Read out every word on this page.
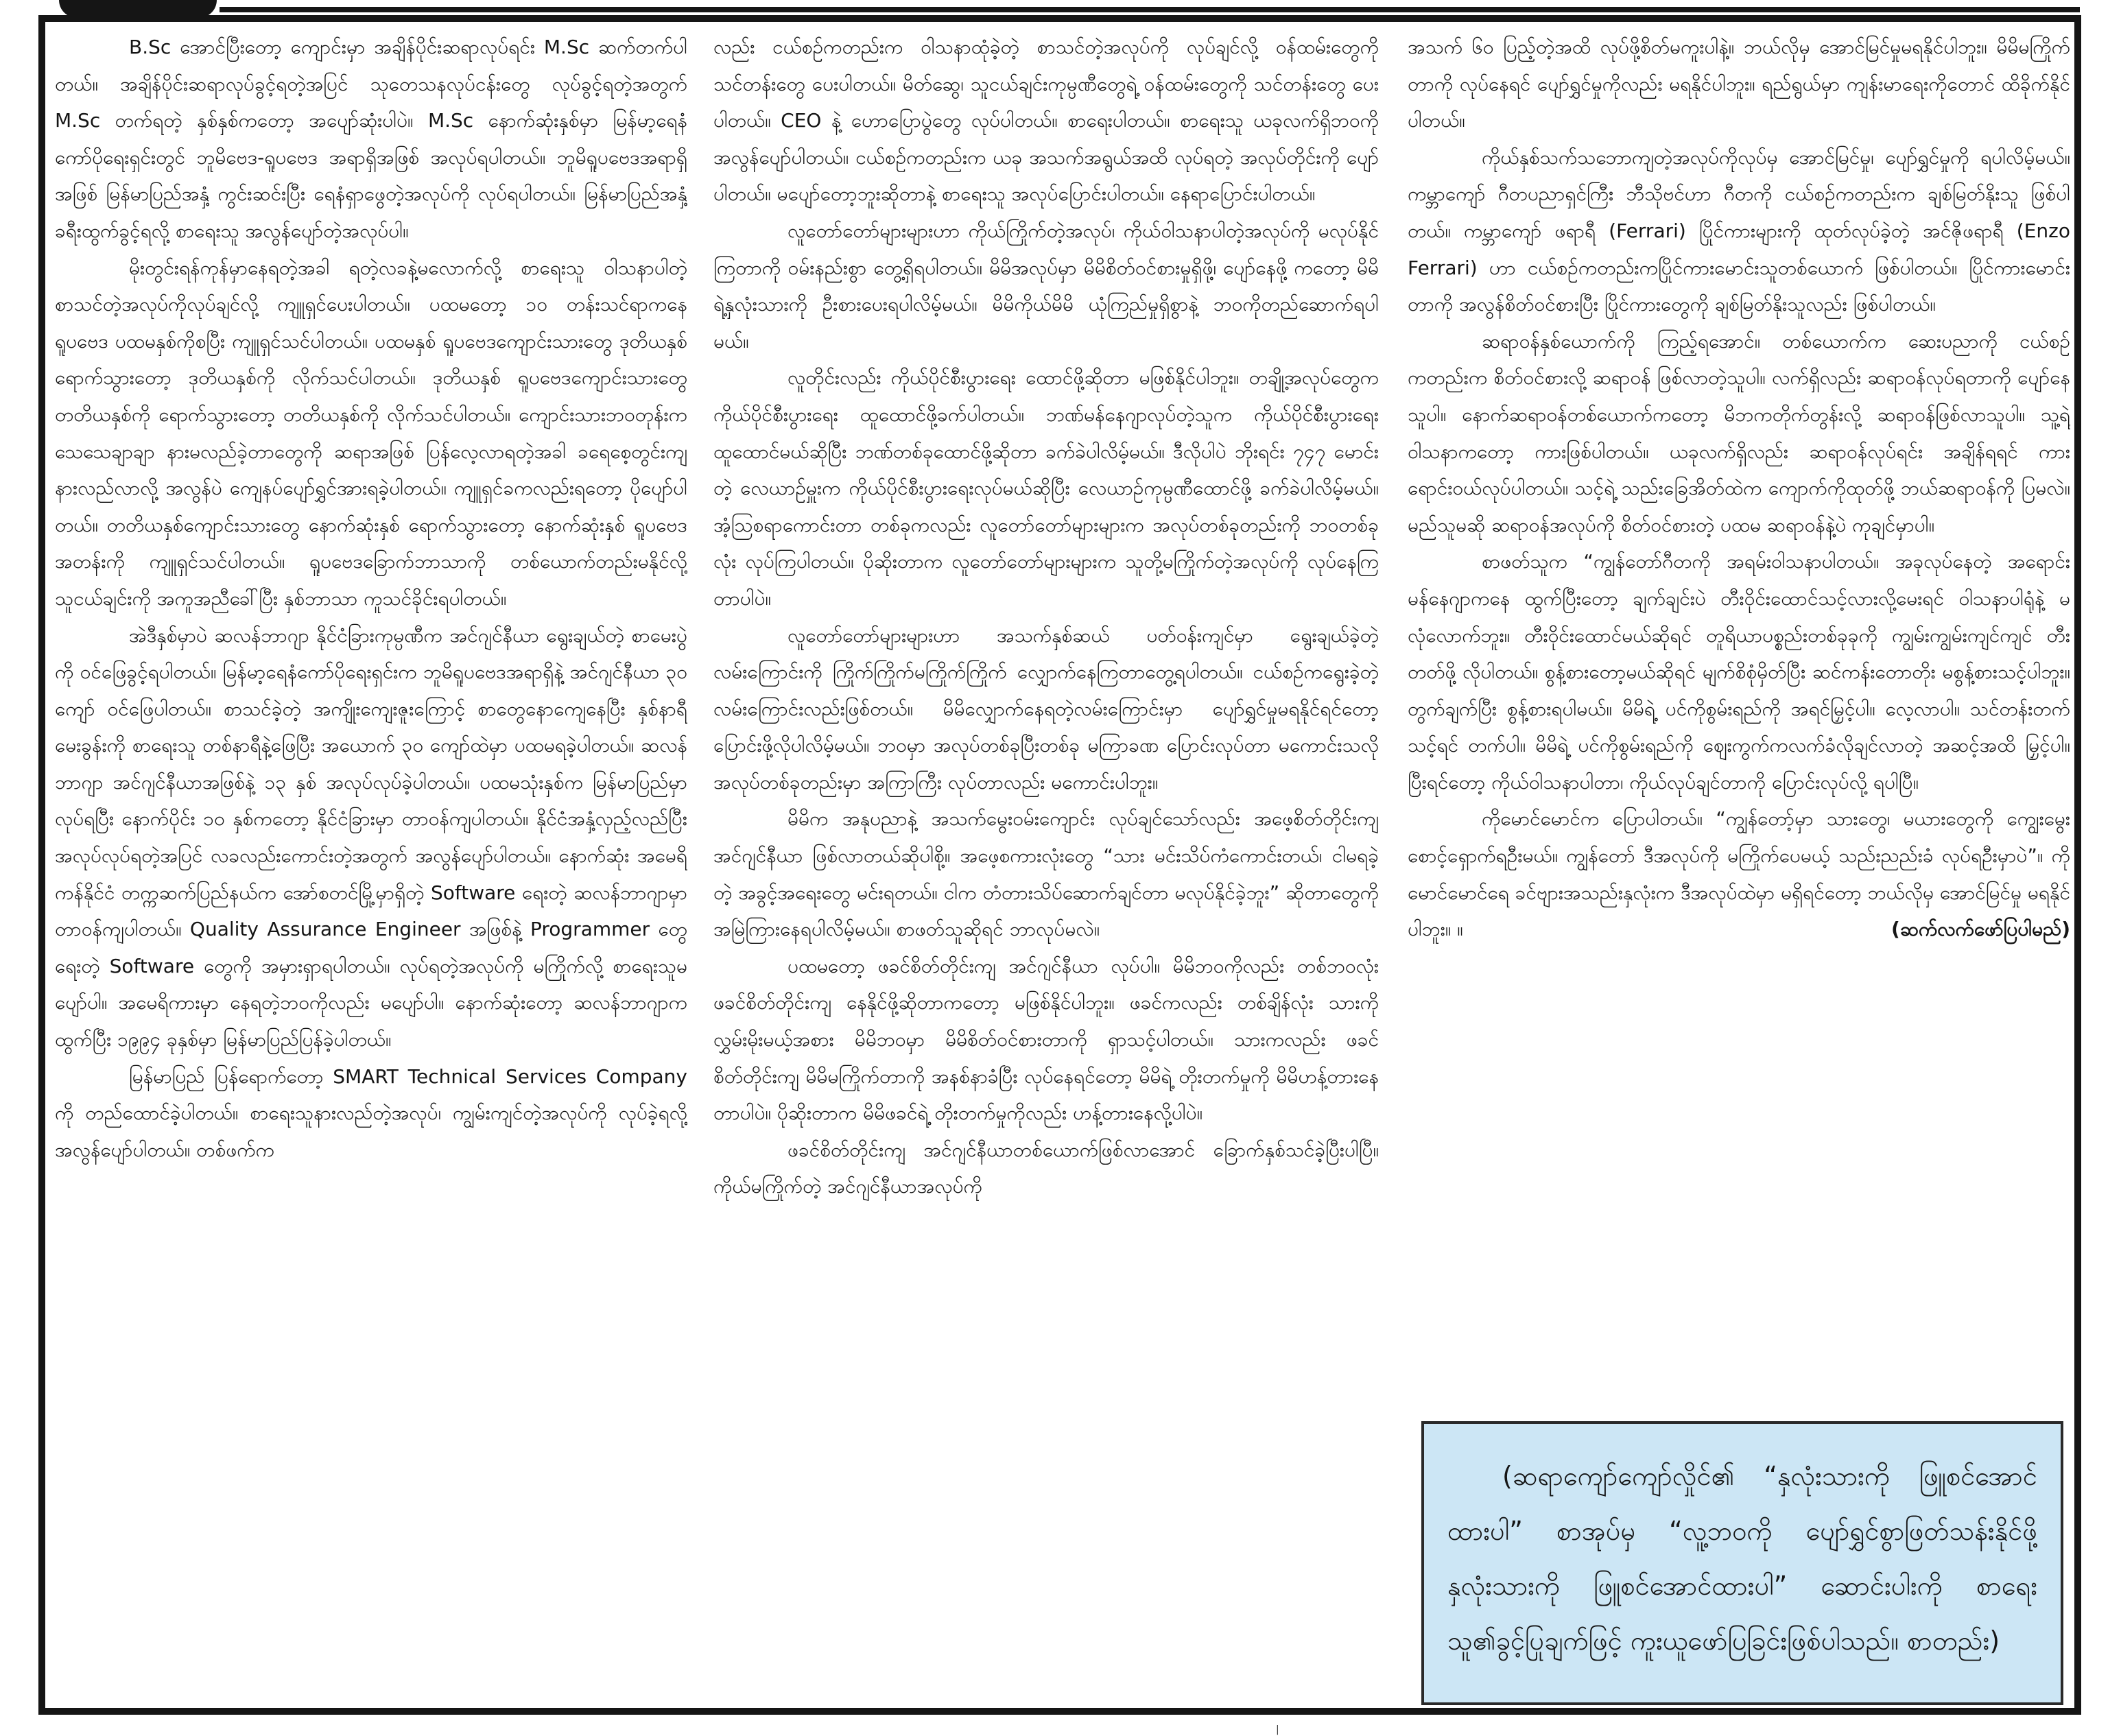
B.Sc အောင်ပြီးတော့ ကျောင်းမှာ အချိန်ပိုင်းဆရာလုပ်ရင်း M.Sc ဆက်တက်ပါတယ်။ အချိန်ပိုင်းဆရာလုပ်ခွင့်ရတဲ့အပြင် သုတေသနလုပ်ငန်းတွေ လုပ်ခွင့်ရတဲ့အတွက် M.Sc တက်ရတဲ့ နှစ်နှစ်ကတော့ အပျော်ဆုံးပါပဲ။ M.Sc နောက်ဆုံးနှစ်မှာ မြန်မာ့ရေနံကော်ပိုရေးရှင်းတွင် ဘူမိဗေဒ-ရူပဗေဒ အရာရှိအဖြစ် အလုပ်ရပါတယ်။ ဘူမိရူပဗေဒအရာရှိအဖြစ် မြန်မာပြည်အနှံ့ ကွင်းဆင်းပြီး ရေနံရှာဖွေတဲ့အလုပ်ကို လုပ်ရပါတယ်။ မြန်မာပြည်အနှံ့ ခရီးထွက်ခွင့်ရလို့ စာရေးသူ အလွန်ပျော်တဲ့အလုပ်ပါ။

မိုးတွင်းရန်ကုန်မှာနေရတဲ့အခါ ရတဲ့လခနဲ့မလောက်လို့ စာရေးသူ ဝါသနာပါတဲ့ စာသင်တဲ့အလုပ်ကိုလုပ်ချင်လို့ ကျူရှင်ပေးပါတယ်။ ပထမတော့ ၁၀ တန်းသင်ရာကနေ ရူပဗေဒ ပထမနှစ်ကိုစပြီး ကျူရှင်သင်ပါတယ်။ ပထမနှစ် ရူပဗေဒကျောင်းသားတွေ ဒုတိယနှစ်ရောက်သွားတော့ ဒုတိယနှစ်ကို လိုက်သင်ပါတယ်။ ဒုတိယနှစ် ရူပဗေဒကျောင်းသားတွေ တတိယနှစ်ကို ရောက်သွားတော့ တတိယနှစ်ကို လိုက်သင်ပါတယ်။ ကျောင်းသားဘဝတုန်းက သေသေချာချာ နားမလည်ခဲ့တာတွေကို ဆရာအဖြစ် ပြန်လေ့လာရတဲ့အခါ ခရေစေ့တွင်းကျ နားလည်လာလို့ အလွန်ပဲ ကျေနပ်ပျော်ရွှင်အားရခဲ့ပါတယ်။ ကျူရှင်ခကလည်းရတော့ ပိုပျော်ပါတယ်။ တတိယနှစ်ကျောင်းသားတွေ နောက်ဆုံးနှစ် ရောက်သွားတော့ နောက်ဆုံးနှစ် ရူပဗေဒအတန်းကို ကျူရှင်သင်ပါတယ်။ ရူပဗေဒခြောက်ဘာသာကို တစ်ယောက်တည်းမနိုင်လို့ သူငယ်ချင်းကို အကူအညီခေါ်ပြီး နှစ်ဘာသာ ကူသင်ခိုင်းရပါတယ်။

အဲဒီနှစ်မှာပဲ ဆလန်ဘာဂျာ နိုင်ငံခြားကုမ္ပဏီက အင်ဂျင်နီယာ ရွေးချယ်တဲ့ စာမေးပွဲကို ဝင်ဖြေခွင့်ရပါတယ်။ မြန်မာ့ရေနံကော်ပိုရေးရှင်းက ဘူမိရူပဗေဒအရာရှိနဲ့ အင်ဂျင်နီယာ ၃၀ ကျော် ဝင်ဖြေပါတယ်။ စာသင်ခဲ့တဲ့ အကျိုးကျေးဇူးကြောင့် စာတွေနောကျေနေပြီး နှစ်နာရီမေးခွန်းကို စာရေးသူ တစ်နာရီနဲ့ဖြေပြီး အယောက် ၃၀ ကျော်ထဲမှာ ပထမရခဲ့ပါတယ်။ ဆလန်ဘာဂျာ အင်ဂျင်နီယာအဖြစ်နဲ့ ၁၃ နှစ် အလုပ်လုပ်ခဲ့ပါတယ်။ ပထမသုံးနှစ်က မြန်မာပြည်မှာ လုပ်ရပြီး နောက်ပိုင်း ၁၀ နှစ်ကတော့ နိုင်ငံခြားမှာ တာဝန်ကျပါတယ်။ နိုင်ငံအနှံ့လှည့်လည်ပြီး အလုပ်လုပ်ရတဲ့အပြင် လခလည်းကောင်းတဲ့အတွက် အလွန်ပျော်ပါတယ်။ နောက်ဆုံး အမေရိကန်နိုင်ငံ တက္ကဆက်ပြည်နယ်က အော်စတင်မြို့မှာရှိတဲ့ Software ရေးတဲ့ ဆလန်ဘာဂျာမှာ တာဝန်ကျပါတယ်။ Quality Assurance Engineer အဖြစ်နဲ့ Programmer တွေရေးတဲ့ Software တွေကို အမှားရှာရပါတယ်။ လုပ်ရတဲ့အလုပ်ကို မကြိုက်လို့ စာရေးသူမပျော်ပါ။ အမေရိကားမှာ နေရတဲ့ဘဝကိုလည်း မပျော်ပါ။ နောက်ဆုံးတော့ ဆလန်ဘာဂျာကထွက်ပြီး ၁၉၉၄ ခုနှစ်မှာ မြန်မာပြည်ပြန်ခဲ့ပါတယ်။

မြန်မာပြည် ပြန်ရောက်တော့ SMART Technical Services Company ကို တည်ထောင်ခဲ့ပါတယ်။ စာရေးသူနားလည်တဲ့အလုပ်၊ ကျွမ်းကျင်တဲ့အလုပ်ကို လုပ်ခဲ့ရလို့ အလွန်ပျော်ပါတယ်။ တစ်ဖက်က

လည်း ငယ်စဉ်ကတည်းက ဝါသနာထုံခဲ့တဲ့ စာသင်တဲ့အလုပ်ကို လုပ်ချင်လို့ ဝန်ထမ်းတွေကို သင်တန်းတွေ ပေးပါတယ်။ မိတ်ဆွေ၊ သူငယ်ချင်းကုမ္ပဏီတွေရဲ့ ဝန်ထမ်းတွေကို သင်တန်းတွေ ပေးပါတယ်။ CEO နဲ့ ဟောပြောပွဲတွေ လုပ်ပါတယ်။ စာရေးပါတယ်။ စာရေးသူ ယခုလက်ရှိဘဝကို အလွန်ပျော်ပါတယ်။ ငယ်စဉ်ကတည်းက ယခု အသက်အရွယ်အထိ လုပ်ရတဲ့ အလုပ်တိုင်းကို ပျော်ပါတယ်။ မပျော်တော့ဘူးဆိုတာနဲ့ စာရေးသူ အလုပ်ပြောင်းပါတယ်။ နေရာပြောင်းပါတယ်။

လူတော်တော်များများဟာ ကိုယ်ကြိုက်တဲ့အလုပ်၊ ကိုယ်ဝါသနာပါတဲ့အလုပ်ကို မလုပ်နိုင်ကြတာကို ဝမ်းနည်းစွာ တွေ့ရှိရပါတယ်။ မိမိအလုပ်မှာ မိမိစိတ်ဝင်စားမှုရှိဖို့၊ ပျော်နေဖို့ ကတော့ မိမိရဲ့နှလုံးသားကို ဦးစားပေးရပါလိမ့်မယ်။ မိမိကိုယ်မိမိ ယုံကြည်မှုရှိစွာနဲ့ ဘဝကိုတည်ဆောက်ရပါမယ်။

လူတိုင်းလည်း ကိုယ်ပိုင်စီးပွားရေး ထောင်ဖို့ဆိုတာ မဖြစ်နိုင်ပါဘူး။ တချို့အလုပ်တွေက ကိုယ်ပိုင်စီးပွားရေး ထူထောင်ဖို့ခက်ပါတယ်။ ဘဏ်မန်နေဂျာလုပ်တဲ့သူက ကိုယ်ပိုင်စီးပွားရေး ထူထောင်မယ်ဆိုပြီး ဘဏ်တစ်ခုထောင်ဖို့ဆိုတာ ခက်ခဲပါလိမ့်မယ်။ ဒီလိုပါပဲ ဘိုးရင်း ၇၄၇ မောင်းတဲ့ လေယာဉ်မှူးက ကိုယ်ပိုင်စီးပွားရေးလုပ်မယ်ဆိုပြီး လေယာဉ်ကုမ္ပဏီထောင်ဖို့ ခက်ခဲပါလိမ့်မယ်။ အံ့သြစရာကောင်းတာ တစ်ခုကလည်း လူတော်တော်များများက အလုပ်တစ်ခုတည်းကို ဘဝတစ်ခုလုံး လုပ်ကြပါတယ်။ ပိုဆိုးတာက လူတော်တော်များများက သူတို့မကြိုက်တဲ့အလုပ်ကို လုပ်နေကြတာပါပဲ။

လူတော်တော်များများဟာ အသက်နှစ်ဆယ် ပတ်ဝန်းကျင်မှာ ရွေးချယ်ခဲ့တဲ့ လမ်းကြောင်းကို ကြိုက်ကြိုက်မကြိုက်ကြိုက် လျှောက်နေကြတာတွေ့ရပါတယ်။ ငယ်စဉ်ကရွေးခဲ့တဲ့ လမ်းကြောင်းလည်းဖြစ်တယ်။ မိမိလျှောက်နေရတဲ့လမ်းကြောင်းမှာ ပျော်ရွှင်မှုမရနိုင်ရင်တော့ ပြောင်းဖို့လိုပါလိမ့်မယ်။ ဘဝမှာ အလုပ်တစ်ခုပြီးတစ်ခု မကြာခဏ ပြောင်းလုပ်တာ မကောင်းသလို အလုပ်တစ်ခုတည်းမှာ အကြာကြီး လုပ်တာလည်း မကောင်းပါဘူး။

မိမိက အနုပညာနဲ့ အသက်မွေးဝမ်းကျောင်း လုပ်ချင်သော်လည်း အဖေ့စိတ်တိုင်းကျ အင်ဂျင်နီယာ ဖြစ်လာတယ်ဆိုပါစို့။ အဖေ့စကားလုံးတွေ “သား မင်းသိပ်ကံကောင်းတယ်၊ ငါမရခဲ့တဲ့ အခွင့်အရေးတွေ မင်းရတယ်။ ငါက တံတားသိပ်ဆောက်ချင်တာ မလုပ်နိုင်ခဲ့ဘူး” ဆိုတာတွေကို အမြဲကြားနေရပါလိမ့်မယ်။ စာဖတ်သူဆိုရင် ဘာလုပ်မလဲ။

ပထမတော့ ဖခင်စိတ်တိုင်းကျ အင်ဂျင်နီယာ လုပ်ပါ။ မိမိဘဝကိုလည်း တစ်ဘဝလုံး ဖခင်စိတ်တိုင်းကျ နေနိုင်ဖို့ဆိုတာကတော့ မဖြစ်နိုင်ပါဘူး။ ဖခင်ကလည်း တစ်ချိန်လုံး သားကို လွှမ်းမိုးမယ့်အစား မိမိဘဝမှာ မိမိစိတ်ဝင်စားတာကို ရှာသင့်ပါတယ်။ သားကလည်း ဖခင်စိတ်တိုင်းကျ မိမိမကြိုက်တာကို အနစ်နာခံပြီး လုပ်နေရင်တော့ မိမိရဲ့ တိုးတက်မှုကို မိမိဟန့်တားနေတာပါပဲ။ ပိုဆိုးတာက မိမိဖခင်ရဲ့ တိုးတက်မှုကိုလည်း ဟန့်တားနေလို့ပါပဲ။

ဖခင်စိတ်တိုင်းကျ အင်ဂျင်နီယာတစ်ယောက်ဖြစ်လာအောင် ခြောက်နှစ်သင်ခဲ့ပြီးပါပြီ။ ကိုယ်မကြိုက်တဲ့ အင်ဂျင်နီယာအလုပ်ကို

အသက် ၆၀ ပြည့်တဲ့အထိ လုပ်ဖို့စိတ်မကူးပါနဲ့။ ဘယ်လိုမှ အောင်မြင်မှုမရနိုင်ပါဘူး။ မိမိမကြိုက်တာကို လုပ်နေရင် ပျော်ရွှင်မှုကိုလည်း မရနိုင်ပါဘူး။ ရည်ရွယ်မှာ ကျန်းမာရေးကိုတောင် ထိခိုက်နိုင်ပါတယ်။

ကိုယ်နှစ်သက်သဘောကျတဲ့အလုပ်ကိုလုပ်မှ အောင်မြင်မှု၊ ပျော်ရွှင်မှုကို ရပါလိမ့်မယ်။ ကမ္ဘာကျော် ဂီတပညာရှင်ကြီး ဘီသိုဗင်ဟာ ဂီတကို ငယ်စဉ်ကတည်းက ချစ်မြတ်နိုးသူ ဖြစ်ပါတယ်။ ကမ္ဘာကျော် ဖရာရီ (Ferrari) ပြိုင်ကားများကို ထုတ်လုပ်ခဲ့တဲ့ အင်ဇိုဖရာရီ (Enzo Ferrari) ဟာ ငယ်စဉ်ကတည်းကပြိုင်ကားမောင်းသူတစ်ယောက် ဖြစ်ပါတယ်။ ပြိုင်ကားမောင်းတာကို အလွန်စိတ်ဝင်စားပြီး ပြိုင်ကားတွေကို ချစ်မြတ်နိုးသူလည်း ဖြစ်ပါတယ်။

ဆရာဝန်နှစ်ယောက်ကို ကြည့်ရအောင်။ တစ်ယောက်က ဆေးပညာကို ငယ်စဉ်ကတည်းက စိတ်ဝင်စားလို့ ဆရာဝန် ဖြစ်လာတဲ့သူပါ။ လက်ရှိလည်း ဆရာဝန်လုပ်ရတာကို ပျော်နေသူပါ။ နောက်ဆရာဝန်တစ်ယောက်ကတော့ မိဘကတိုက်တွန်းလို့ ဆရာဝန်ဖြစ်လာသူပါ။ သူ့ရဲ့ဝါသနာကတော့ ကားဖြစ်ပါတယ်။ ယခုလက်ရှိလည်း ဆရာဝန်လုပ်ရင်း အချိန်ရရင် ကားရောင်းဝယ်လုပ်ပါတယ်။ သင့်ရဲ့ သည်းခြေအိတ်ထဲက ကျောက်ကိုထုတ်ဖို့ ဘယ်ဆရာဝန်ကို ပြမလဲ။ မည်သူမဆို ဆရာဝန်အလုပ်ကို စိတ်ဝင်စားတဲ့ ပထမ ဆရာဝန်နဲ့ပဲ ကုချင်မှာပါ။

စာဖတ်သူက “ကျွန်တော်ဂီတကို အရမ်းဝါသနာပါတယ်။ အခုလုပ်နေတဲ့ အရောင်းမန်နေဂျာကနေ ထွက်ပြီးတော့ ချက်ချင်းပဲ တီးဝိုင်းထောင်သင့်လားလို့မေးရင် ဝါသနာပါရုံနဲ့ မလုံလောက်ဘူး။ တီးဝိုင်းထောင်မယ်ဆိုရင် တူရိယာပစ္စည်းတစ်ခုခုကို ကျွမ်းကျွမ်းကျင်ကျင် တီးတတ်ဖို့ လိုပါတယ်။ စွန့်စားတော့မယ်ဆိုရင် မျက်စိစုံမှိတ်ပြီး ဆင်ကန်းတောတိုး မစွန့်စားသင့်ပါဘူး။ တွက်ချက်ပြီး စွန့်စားရပါမယ်။ မိမိရဲ့ ပင်ကိုစွမ်းရည်ကို အရင်မြှင့်ပါ။ လေ့လာပါ။ သင်တန်းတက်သင့်ရင် တက်ပါ။ မိမိရဲ့ ပင်ကိုစွမ်းရည်ကို ဈေးကွက်ကလက်ခံလိုချင်လာတဲ့ အဆင့်အထိ မြှင့်ပါ။ ပြီးရင်တော့ ကိုယ်ဝါသနာပါတာ၊ ကိုယ်လုပ်ချင်တာကို ပြောင်းလုပ်လို့ ရပါပြီ။

ကိုမောင်မောင်က ပြောပါတယ်။ “ကျွန်တော့်မှာ သားတွေ၊ မယားတွေကို ကျွေးမွေးစောင့်ရှောက်ရဦးမယ်။ ကျွန်တော် ဒီအလုပ်ကို မကြိုက်ပေမယ့် သည်းညည်းခံ လုပ်ရဦးမှာပဲ”။ ကိုမောင်မောင်ရေ ခင်ဗျားအသည်းနှလုံးက ဒီအလုပ်ထဲမှာ မရှိရင်တော့ ဘယ်လိုမှ အောင်မြင်မှု မရနိုင်ပါဘူး။ ။	(ဆက်လက်ဖော်ပြပါမည်)

(ဆရာကျော်ကျော်လှိုင်၏ “နှလုံးသားကို ဖြူစင်အောင်ထားပါ” စာအုပ်မှ “လူ့ဘဝကို ပျော်ရွှင်စွာဖြတ်သန်းနိုင်ဖို့ နှလုံးသားကို ဖြူစင်အောင်ထားပါ” ဆောင်းပါးကို စာရေးသူ၏ခွင့်ပြုချက်ဖြင့် ကူးယူဖော်ပြခြင်းဖြစ်ပါသည်။ စာတည်း)

|
